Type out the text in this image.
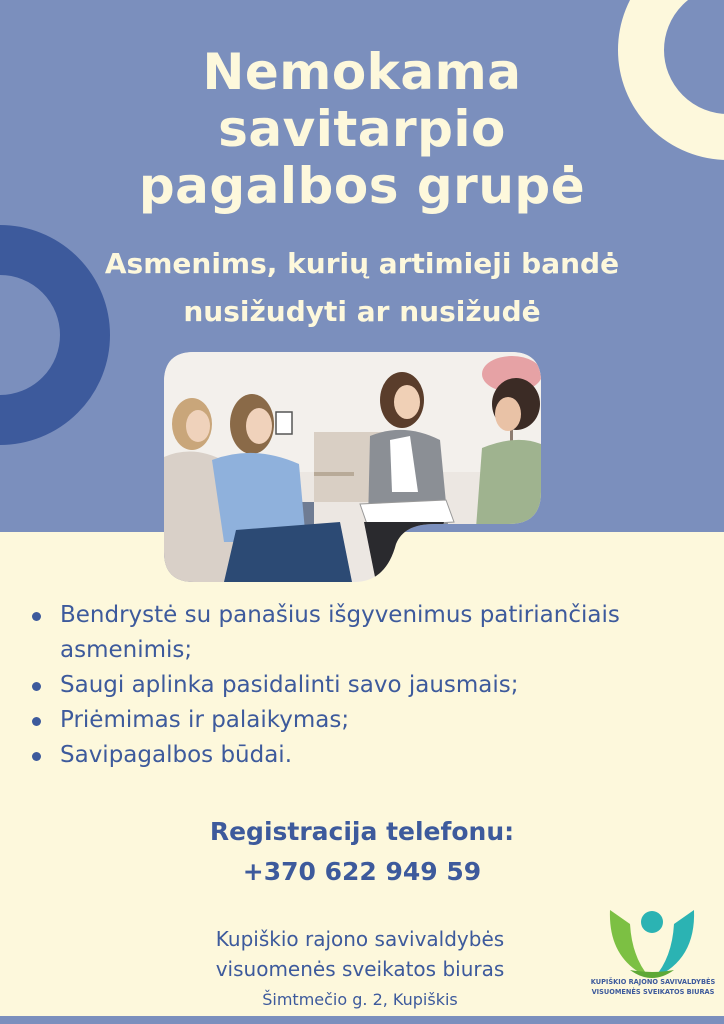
Nemokama
savitarpio
pagalbos grupė
Asmenims, kurių artimieji bandė
nusižudyti ar nusižudė
Bendrystė su panašius išgyvenimus patiriančiais asmenimis;
Saugi aplinka pasidalinti savo jausmais;
Priėmimas ir palaikymas;
Savipagalbos būdai.
Registracija telefonu:
+370 622 949 59
Kupiškio rajono savivaldybės
visuomenės sveikatos biuras
Šimtmečio g. 2, Kupiškis
KUPIŠKIO RAJONO SAVIVALDYBĖS
VISUOMENĖS SVEIKATOS BIURAS
